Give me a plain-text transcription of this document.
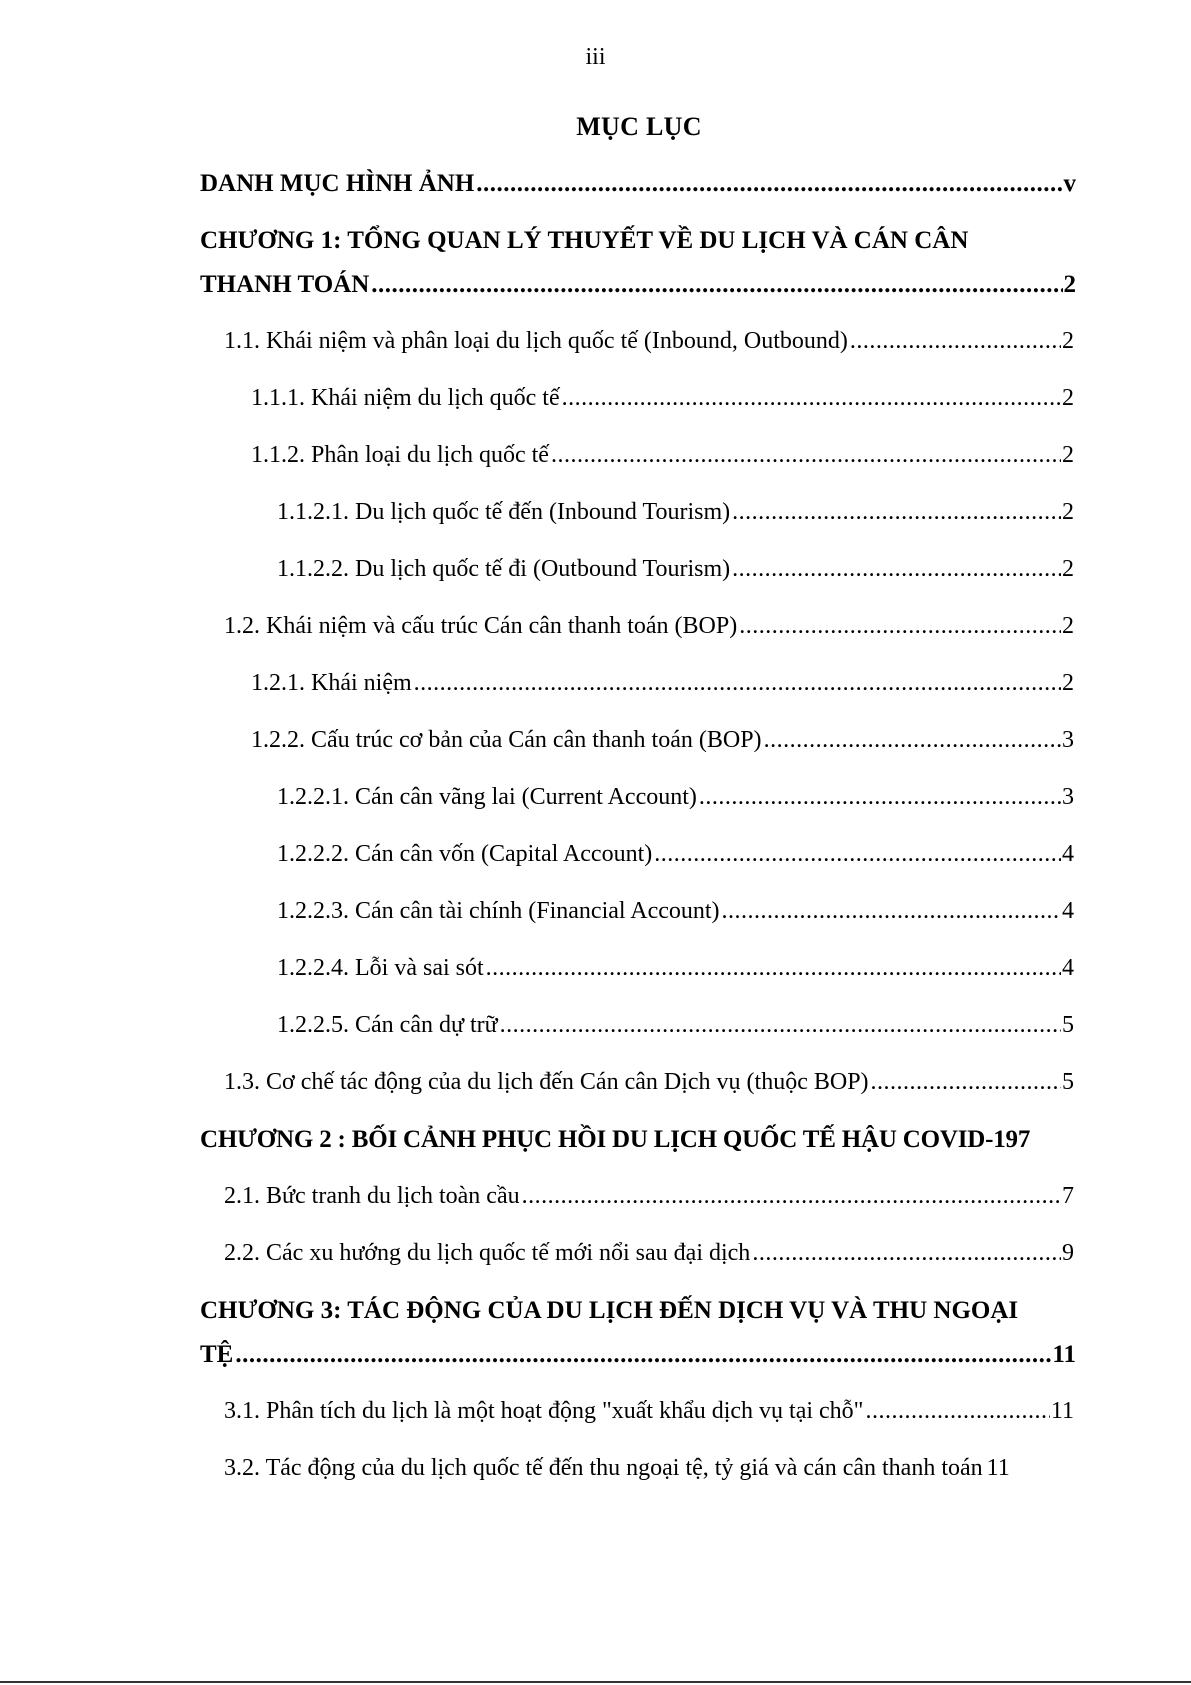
iii
MỤC LỤC
DANH MỤC HÌNH ẢNH .....	v
CHƯƠNG 1: TỔNG QUAN LÝ THUYẾT VỀ DU LỊCH VÀ CÁN CÂN
THANH TOÁN .....	2
1.1. Khái niệm và phân loại du lịch quốc tế (Inbound, Outbound) .....	2
1.1.1. Khái niệm du lịch quốc tế .....	2
1.1.2. Phân loại du lịch quốc tế .....	2
1.1.2.1. Du lịch quốc tế đến (Inbound Tourism) .....	2
1.1.2.2. Du lịch quốc tế đi (Outbound Tourism) .....	2
1.2. Khái niệm và cấu trúc Cán cân thanh toán (BOP) .....	2
1.2.1. Khái niệm .....	2
1.2.2. Cấu trúc cơ bản của Cán cân thanh toán (BOP) .....	3
1.2.2.1. Cán cân vãng lai (Current Account) .....	3
1.2.2.2. Cán cân vốn (Capital Account) .....	4
1.2.2.3. Cán cân tài chính (Financial Account) .....	4
1.2.2.4. Lỗi và sai sót .....	4
1.2.2.5. Cán cân dự trữ .....	5
1.3. Cơ chế tác động của du lịch đến Cán cân Dịch vụ (thuộc BOP) .....	5
CHƯƠNG 2 : BỐI CẢNH PHỤC HỒI DU LỊCH QUỐC TẾ HẬU COVID-19 7
2.1. Bức tranh du lịch toàn cầu .....	7
2.2. Các xu hướng du lịch quốc tế mới nổi sau đại dịch .....	9
CHƯƠNG 3: TÁC ĐỘNG CỦA DU LỊCH ĐẾN DỊCH VỤ VÀ THU NGOẠI
TỆ .....	11
3.1. Phân tích du lịch là một hoạt động "xuất khẩu dịch vụ tại chỗ" .....	11
3.2. Tác động của du lịch quốc tế đến thu ngoại tệ, tỷ giá và cán cân thanh toán 11
